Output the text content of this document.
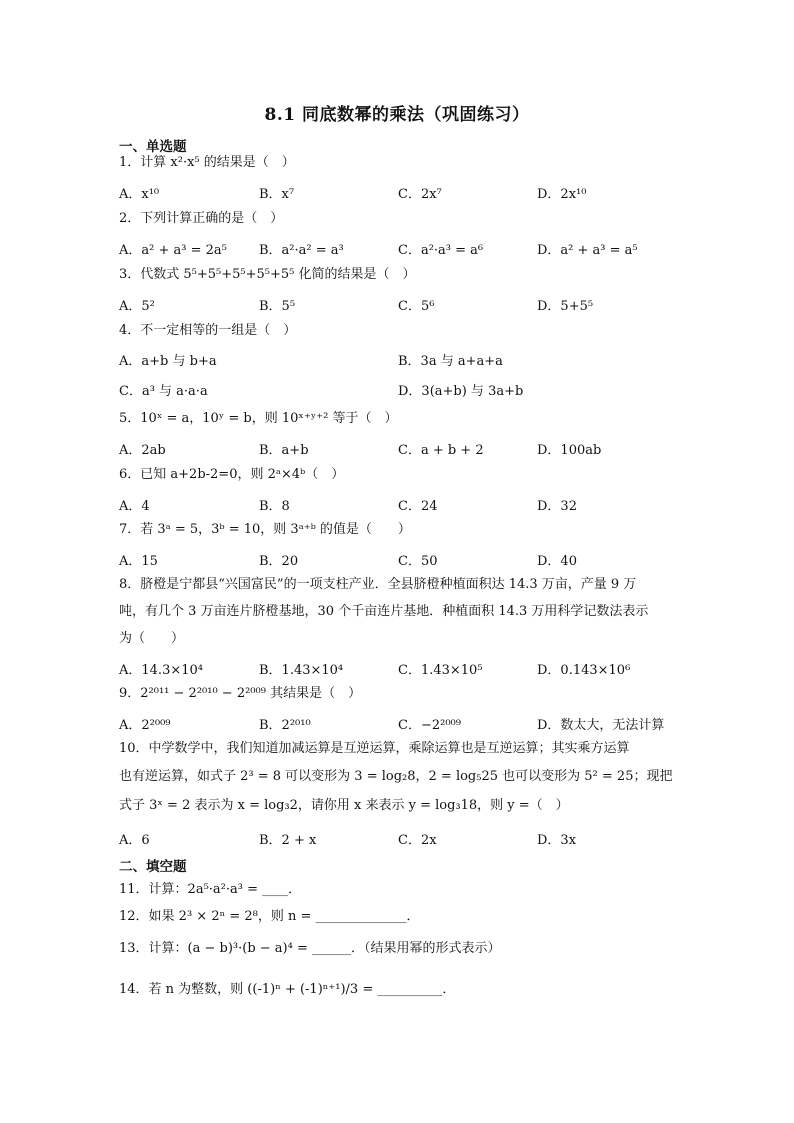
8.1 同底数幂的乘法（巩固练习）
一、单选题
1．计算 x²·x⁵ 的结果是（　）
A．x¹⁰	B．x⁷	C．2x⁷	D．2x¹⁰
2．下列计算正确的是（　）
A．a² + a³ = 2a⁵ B．a²·a² = a³	C．a²·a³ = a⁶	D．a² + a³ = a⁵
3．代数式 5⁵+5⁵+5⁵+5⁵+5⁵ 化简的结果是（　）
A．5²	B．5⁵	C．5⁶	D．5+5⁵
4．不一定相等的一组是（　）
A．a+b 与 b+a	B．3a 与 a+a+a
C．a³ 与 a·a·a	D．3(a+b) 与 3a+b
5．10ˣ = a，10ʸ = b，则 10ˣ⁺ʸ⁺² 等于（　）
A．2ab	B．a+b	C．a + b + 2	D．100ab
6．已知 a+2b-2=0，则 2ᵃ×4ᵇ（　）
A．4	B．8	C．24	D．32
7．若 3ᵃ = 5，3ᵇ = 10，则 3ᵃ⁺ᵇ 的值是（　　）
A．15	B．20	C．50	D．40
8．脐橙是宁都县“兴国富民”的一项支柱产业．全县脐橙种植面积达 14.3 万亩，产量 9 万
吨，有几个 3 万亩连片脐橙基地，30 个千亩连片基地．种植面积 14.3 万用科学记数法表示
为（　　）
A．14.3×10⁴	B．1.43×10⁴	C．1.43×10⁵	D．0.143×10⁶
9．2²⁰¹¹ − 2²⁰¹⁰ − 2²⁰⁰⁹ 其结果是（　）
A．2²⁰⁰⁹	B．2²⁰¹⁰	C．−2²⁰⁰⁹	D．数太大，无法计算
10．中学数学中，我们知道加减运算是互逆运算，乘除运算也是互逆运算；其实乘方运算
也有逆运算，如式子 2³ = 8 可以变形为 3 = log₂8，2 = log₅25 也可以变形为 5² = 25；现把
式子 3ˣ = 2 表示为 x = log₃2，请你用 x 来表示 y = log₃18，则 y =（　）
A．6	B．2 + x	C．2x	D．3x
二、填空题
11．计算：2a⁵·a²·a³ = ____．
12．如果 2³ × 2ⁿ = 2⁸，则 n = ______________．
13．计算：(a − b)³·(b − a)⁴ = ______．（结果用幂的形式表示）
14．若 n 为整数，则 ((-1)ⁿ + (-1)ⁿ⁺¹)/3 = __________．
